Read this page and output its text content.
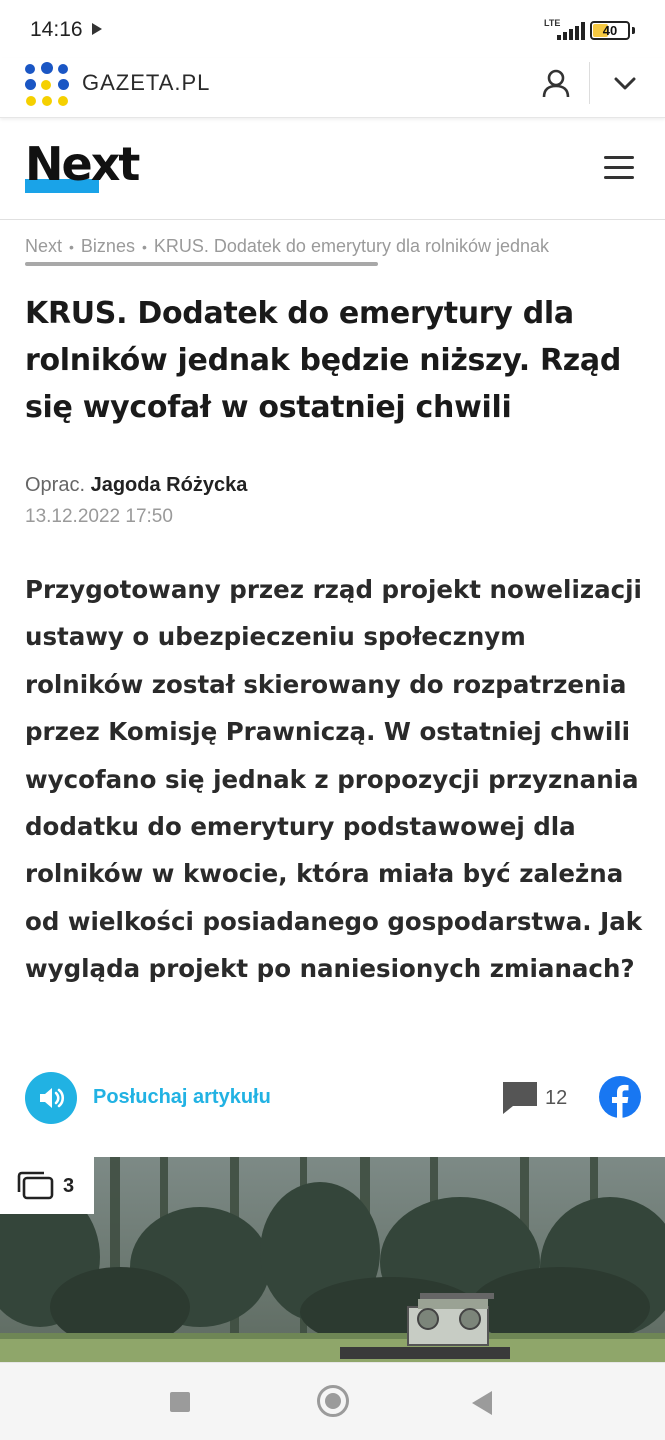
14:16	LTE	40
GAZETA.PL
Next
Next • Biznes • KRUS. Dodatek do emerytury dla rolników jednak
KRUS. Dodatek do emerytury dla rolników jednak będzie niższy. Rząd się wycofał w ostatniej chwili
Oprac. Jagoda Różycka
13.12.2022 17:50

Przygotowany przez rząd projekt nowelizacji ustawy o ubezpieczeniu społecznym rolników został skierowany do rozpatrzenia przez Komisję Prawniczą. W ostatniej chwili wycofano się jednak z propozycji przyznania dodatku do emerytury podstawowej dla rolników w kwocie, która miała być zależna od wielkości posiadanego gospodarstwa. Jak wygląda projekt po naniesionych zmianach?

Posłuchaj artykułu	12
3
